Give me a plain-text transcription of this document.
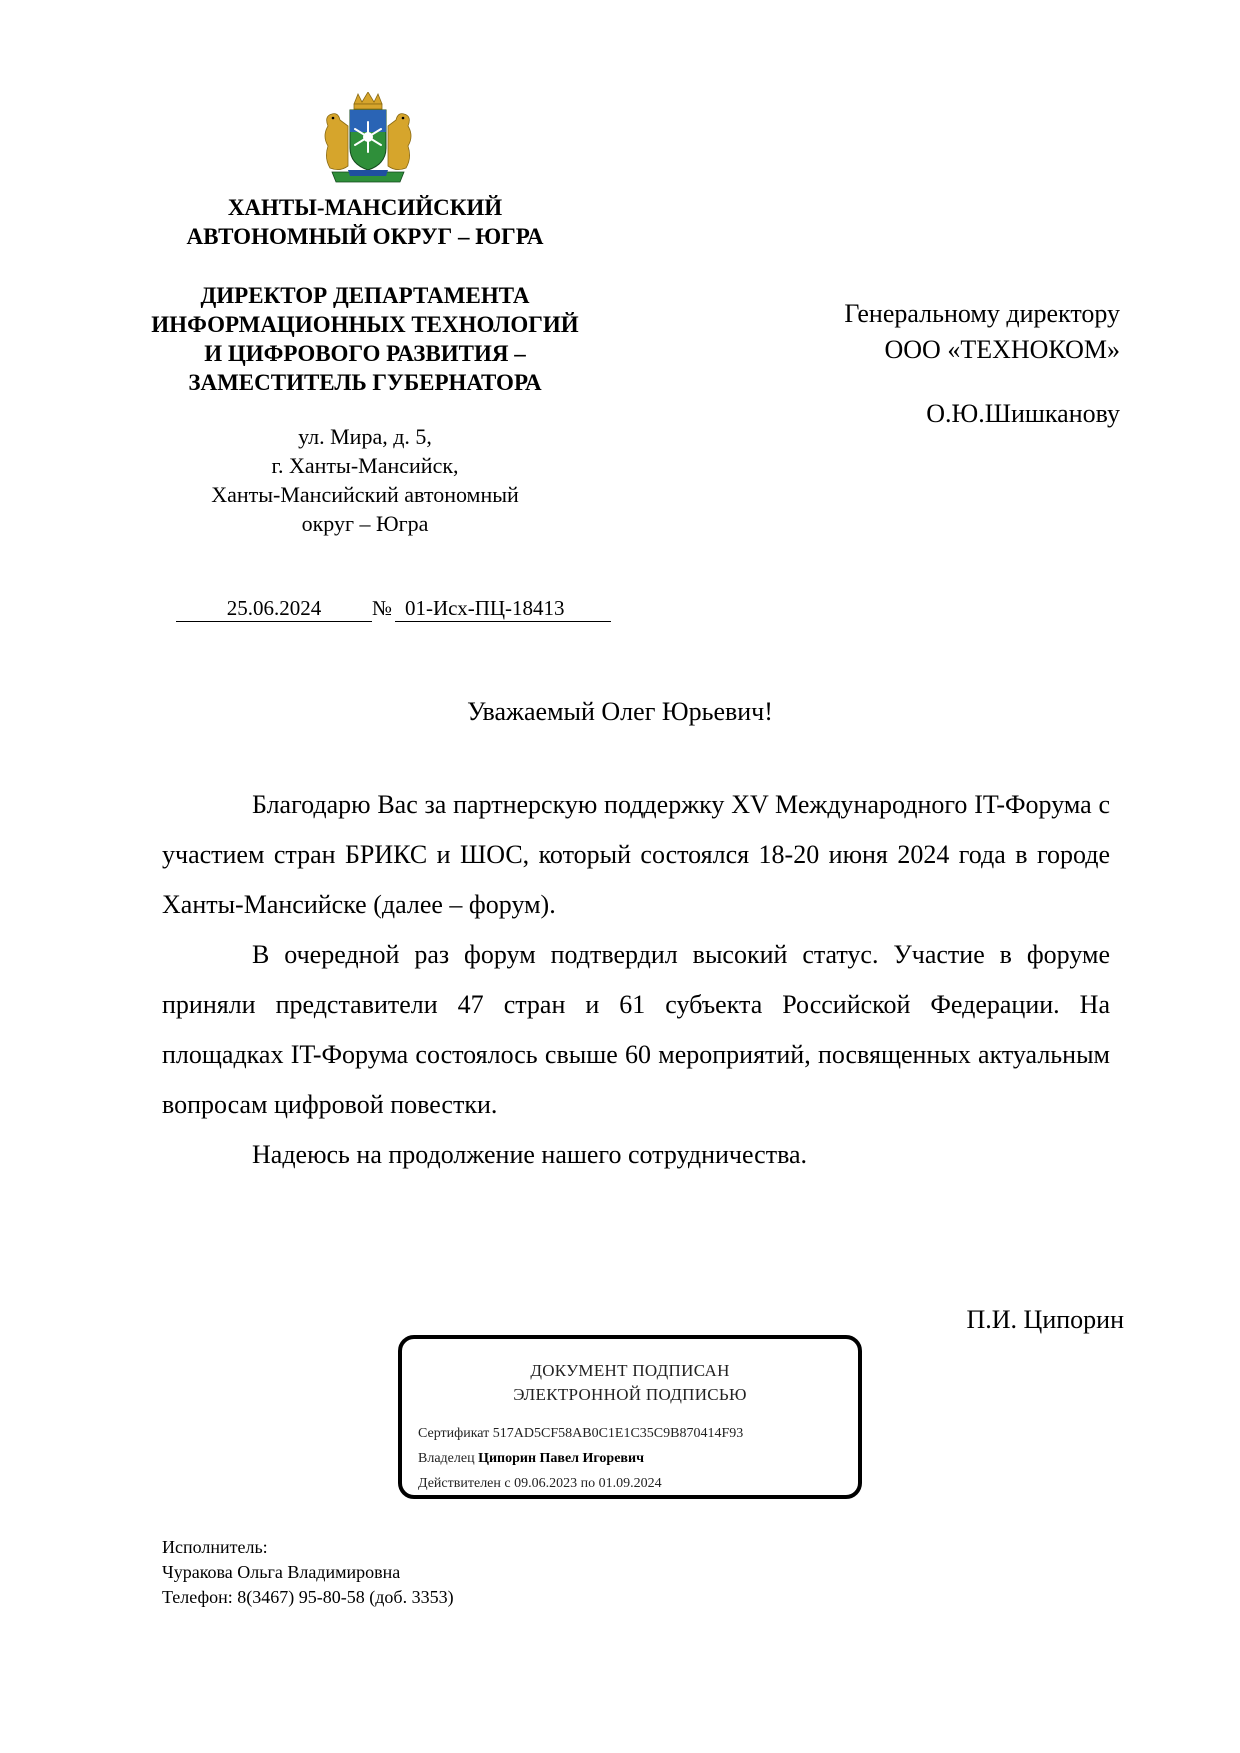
ХАНТЫ-МАНСИЙСКИЙ
АВТОНОМНЫЙ ОКРУГ – ЮГРА
ДИРЕКТОР ДЕПАРТАМЕНТА
ИНФОРМАЦИОННЫХ ТЕХНОЛОГИЙ
И ЦИФРОВОГО РАЗВИТИЯ –
ЗАМЕСТИТЕЛЬ ГУБЕРНАТОРА
ул. Мира, д. 5,
г. Ханты-Мансийск,
Ханты-Мансийский автономный
округ – Югра
25.06.2024	№ 01-Исх-ПЦ-18413
Генеральному директору
ООО «ТЕХНОКОМ»
О.Ю.Шишканову
Уважаемый Олег Юрьевич!

Благодарю Вас за партнерскую поддержку XV Международного IT-Форума с участием стран БРИКС и ШОС, который состоялся 18-20 июня 2024 года в городе Ханты-Мансийске (далее – форум).

В очередной раз форум подтвердил высокий статус. Участие в форуме приняли представители 47 стран и 61 субъекта Российской Федерации. На площадках IT-Форума состоялось свыше 60 мероприятий, посвященных актуальным вопросам цифровой повестки.

Надеюсь на продолжение нашего сотрудничества.

П.И. Ципорин
ДОКУМЕНТ ПОДПИСАН
ЭЛЕКТРОННОЙ ПОДПИСЬЮ
Сертификат 517AD5CF58AB0C1E1C35C9B870414F93
Владелец Ципорин Павел Игоревич
Действителен с 09.06.2023 по 01.09.2024
Исполнитель:
Чуракова Ольга Владимировна
Телефон: 8(3467) 95-80-58 (доб. 3353)
